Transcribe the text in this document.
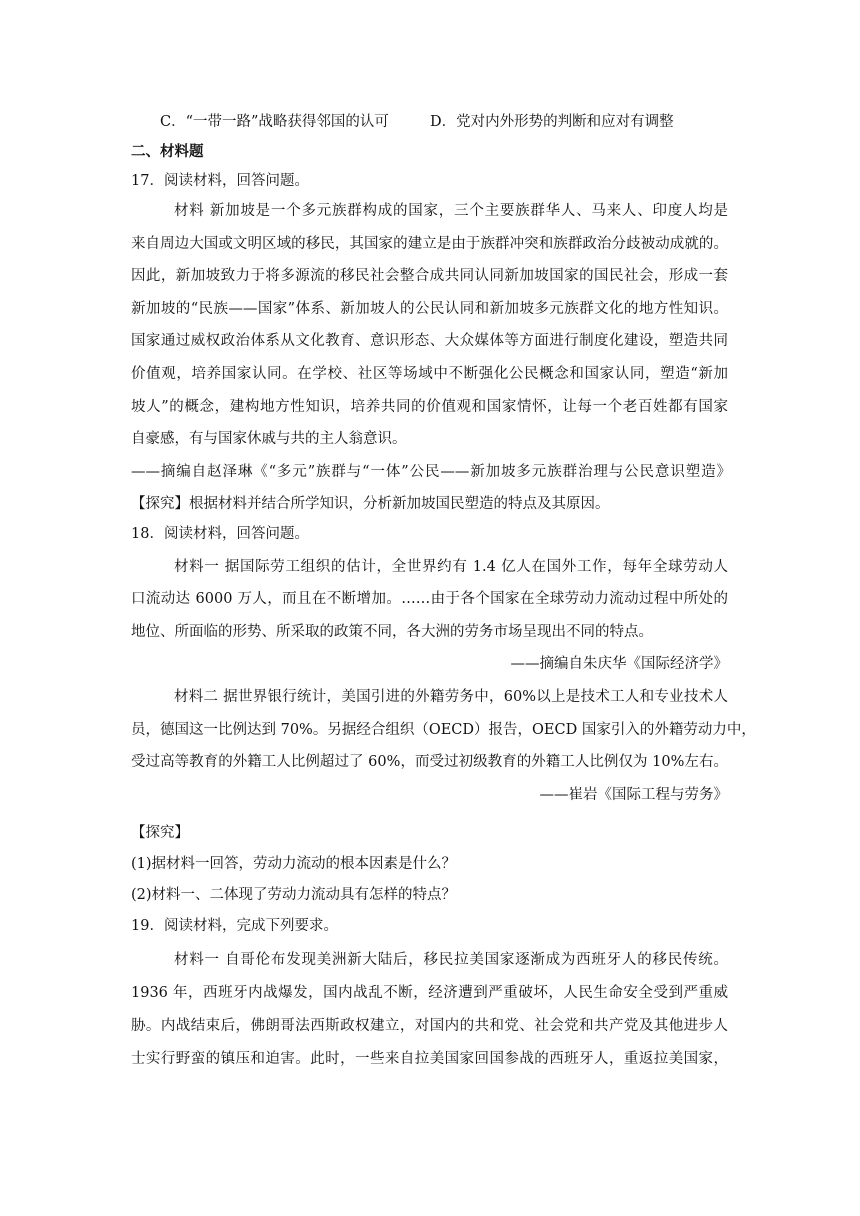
C．“一带一路”战略获得邻国的认可	D．党对内外形势的判断和应对有调整
二、材料题
17．阅读材料，回答问题。
材料 新加坡是一个多元族群构成的国家，三个主要族群华人、马来人、印度人均是
来自周边大国或文明区域的移民，其国家的建立是由于族群冲突和族群政治分歧被动成就的。
因此，新加坡致力于将多源流的移民社会整合成共同认同新加坡国家的国民社会，形成一套
新加坡的“民族——国家”体系、新加坡人的公民认同和新加坡多元族群文化的地方性知识。
国家通过威权政治体系从文化教育、意识形态、大众媒体等方面进行制度化建设，塑造共同
价值观，培养国家认同。在学校、社区等场域中不断强化公民概念和国家认同，塑造“新加
坡人”的概念，建构地方性知识，培养共同的价值观和国家情怀，让每一个老百姓都有国家
自豪感，有与国家休戚与共的主人翁意识。
——摘编自赵泽琳《“多元”族群与“一体”公民——新加坡多元族群治理与公民意识塑造》
【探究】根据材料并结合所学知识，分析新加坡国民塑造的特点及其原因。
18．阅读材料，回答问题。
材料一 据国际劳工组织的估计，全世界约有 1.4 亿人在国外工作，每年全球劳动人
口流动达 6000 万人，而且在不断增加。……由于各个国家在全球劳动力流动过程中所处的
地位、所面临的形势、所采取的政策不同，各大洲的劳务市场呈现出不同的特点。
——摘编自朱庆华《国际经济学》
材料二 据世界银行统计，美国引进的外籍劳务中，60%以上是技术工人和专业技术人
员，德国这一比例达到 70%。另据经合组织（OECD）报告，OECD 国家引入的外籍劳动力中，
受过高等教育的外籍工人比例超过了 60%，而受过初级教育的外籍工人比例仅为 10%左右。
——崔岩《国际工程与劳务》
【探究】
(1)据材料一回答，劳动力流动的根本因素是什么？
(2)材料一、二体现了劳动力流动具有怎样的特点？
19．阅读材料，完成下列要求。
材料一 自哥伦布发现美洲新大陆后，移民拉美国家逐渐成为西班牙人的移民传统。
1936 年，西班牙内战爆发，国内战乱不断，经济遭到严重破坏，人民生命安全受到严重威
胁。内战结束后，佛朗哥法西斯政权建立，对国内的共和党、社会党和共产党及其他进步人
士实行野蛮的镇压和迫害。此时，一些来自拉美国家回国参战的西班牙人，重返拉美国家，
